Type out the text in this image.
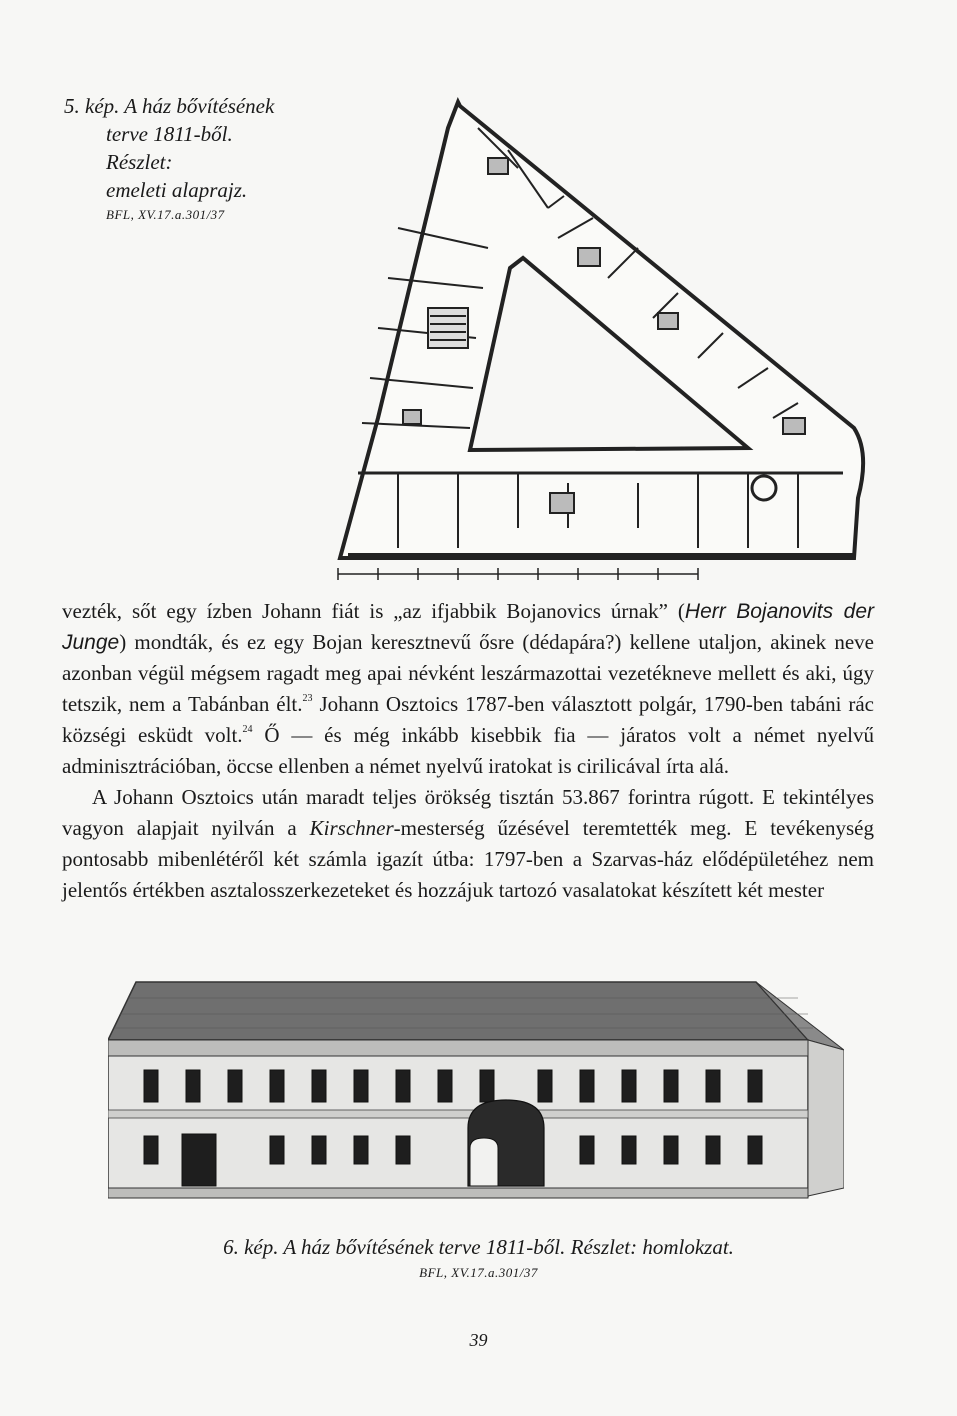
5. kép. A ház bővítésének
terve 1811-ből.
Részlet:
emeleti alaprajz.
BFL, XV.17.a.301/37

vezték, sőt egy ízben Johann fiát is „az ifjabbik Bojanovics úrnak” (Herr Bojanovits der Junge) mondták, és ez egy Bojan keresztnevű ősre (dédapára?) kellene utaljon, akinek neve azonban végül mégsem ragadt meg apai névként leszármazottai vezetékneve mellett és aki, úgy tetszik, nem a Tabánban élt.$^{23}$ Johann Osztoics 1787-ben választott polgár, 1790-ben tabáni rác községi esküdt volt.$^{24}$ Ő — és még inkább kisebbik fia — járatos volt a német nyelvű adminisztrációban, öccse ellenben a német nyelvű iratokat is cirilicával írta alá.

A Johann Osztoics után maradt teljes örökség tisztán 53.867 forintra rúgott. E tekintélyes vagyon alapjait nyilván a Kirschner-mesterség űzésével teremtették meg. E tevékenység pontosabb mibenlétéről két számla igazít útba: 1797-ben a Szarvas-ház elődépületéhez nem jelentős értékben asztalosszerkezeteket és hozzájuk tartozó vasalatokat készített két mester

6. kép. A ház bővítésének terve 1811-ből. Részlet: homlokzat.
BFL, XV.17.a.301/37
39
